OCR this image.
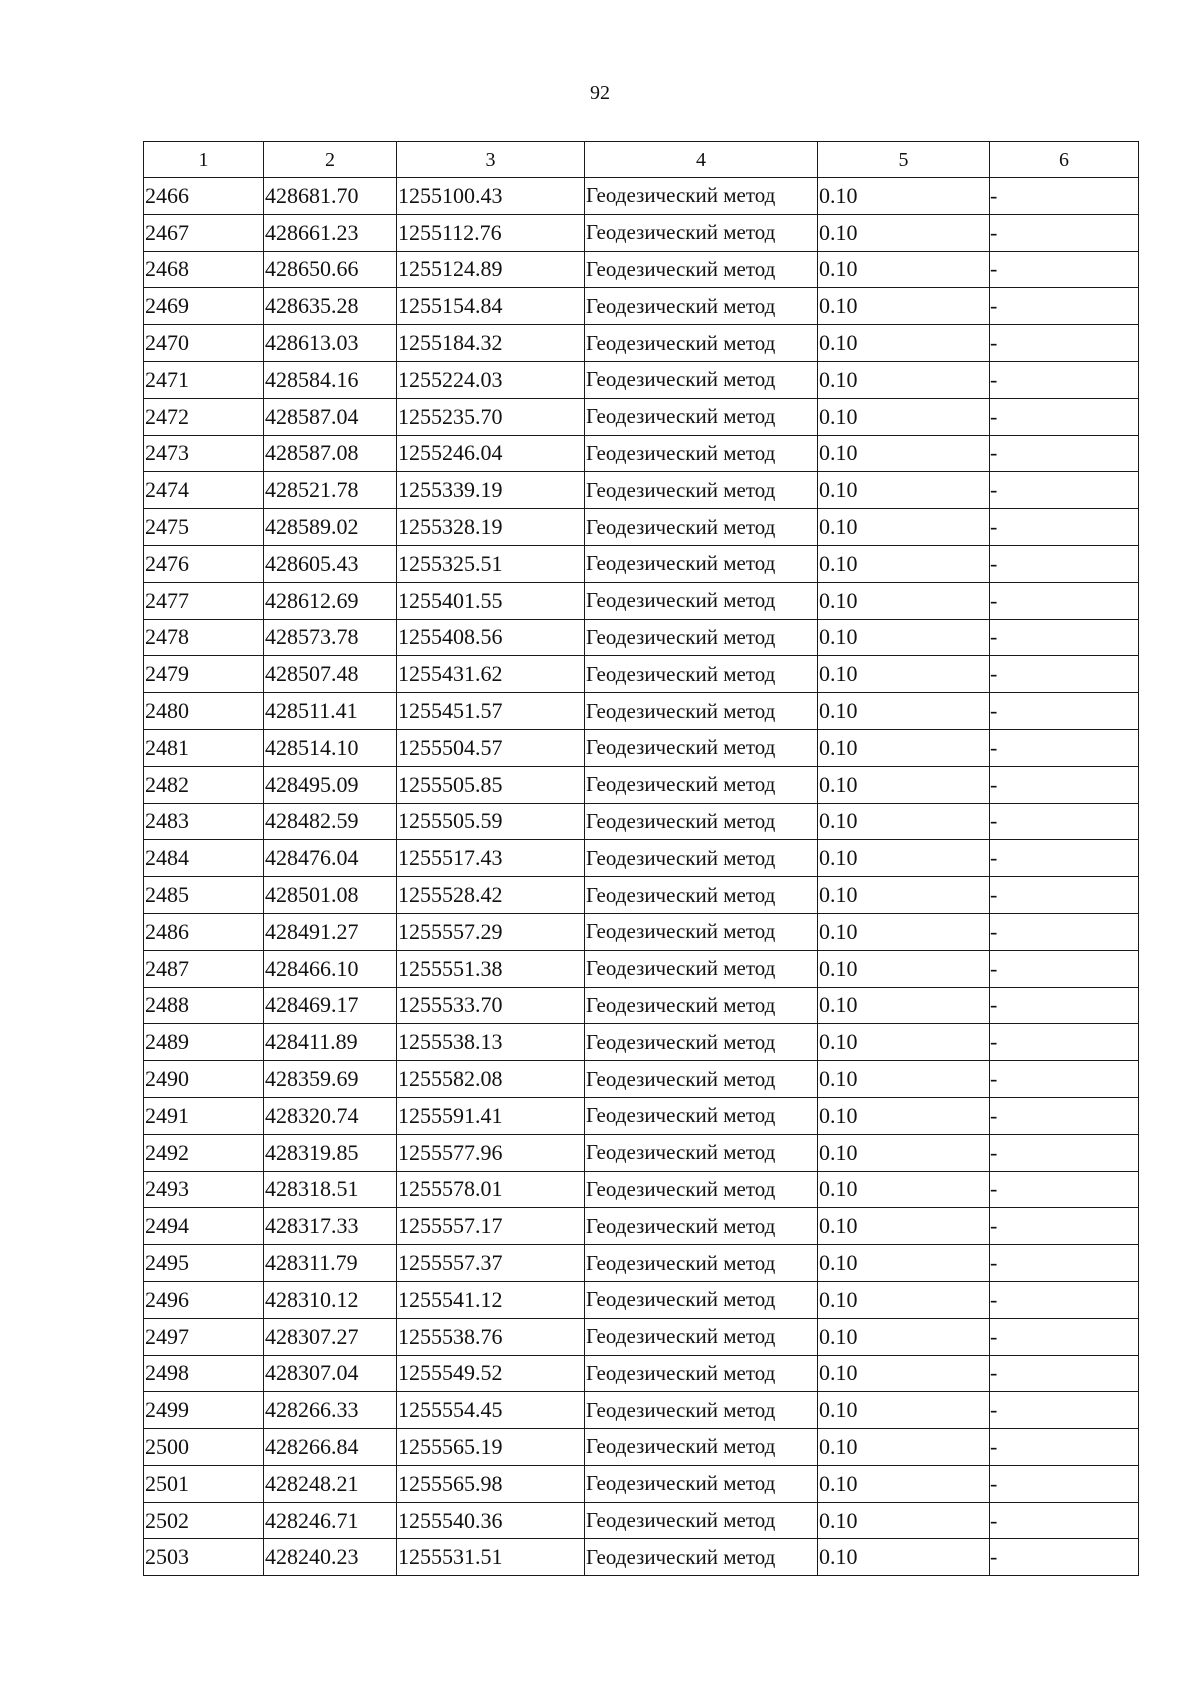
92
1	2	3	4	5	6
2466	428681.70	1255100.43	Геодезический метод	0.10	-
2467	428661.23	1255112.76	Геодезический метод	0.10	-
2468	428650.66	1255124.89	Геодезический метод	0.10	-
2469	428635.28	1255154.84	Геодезический метод	0.10	-
2470	428613.03	1255184.32	Геодезический метод	0.10	-
2471	428584.16	1255224.03	Геодезический метод	0.10	-
2472	428587.04	1255235.70	Геодезический метод	0.10	-
2473	428587.08	1255246.04	Геодезический метод	0.10	-
2474	428521.78	1255339.19	Геодезический метод	0.10	-
2475	428589.02	1255328.19	Геодезический метод	0.10	-
2476	428605.43	1255325.51	Геодезический метод	0.10	-
2477	428612.69	1255401.55	Геодезический метод	0.10	-
2478	428573.78	1255408.56	Геодезический метод	0.10	-
2479	428507.48	1255431.62	Геодезический метод	0.10	-
2480	428511.41	1255451.57	Геодезический метод	0.10	-
2481	428514.10	1255504.57	Геодезический метод	0.10	-
2482	428495.09	1255505.85	Геодезический метод	0.10	-
2483	428482.59	1255505.59	Геодезический метод	0.10	-
2484	428476.04	1255517.43	Геодезический метод	0.10	-
2485	428501.08	1255528.42	Геодезический метод	0.10	-
2486	428491.27	1255557.29	Геодезический метод	0.10	-
2487	428466.10	1255551.38	Геодезический метод	0.10	-
2488	428469.17	1255533.70	Геодезический метод	0.10	-
2489	428411.89	1255538.13	Геодезический метод	0.10	-
2490	428359.69	1255582.08	Геодезический метод	0.10	-
2491	428320.74	1255591.41	Геодезический метод	0.10	-
2492	428319.85	1255577.96	Геодезический метод	0.10	-
2493	428318.51	1255578.01	Геодезический метод	0.10	-
2494	428317.33	1255557.17	Геодезический метод	0.10	-
2495	428311.79	1255557.37	Геодезический метод	0.10	-
2496	428310.12	1255541.12	Геодезический метод	0.10	-
2497	428307.27	1255538.76	Геодезический метод	0.10	-
2498	428307.04	1255549.52	Геодезический метод	0.10	-
2499	428266.33	1255554.45	Геодезический метод	0.10	-
2500	428266.84	1255565.19	Геодезический метод	0.10	-
2501	428248.21	1255565.98	Геодезический метод	0.10	-
2502	428246.71	1255540.36	Геодезический метод	0.10	-
2503	428240.23	1255531.51	Геодезический метод	0.10	-
